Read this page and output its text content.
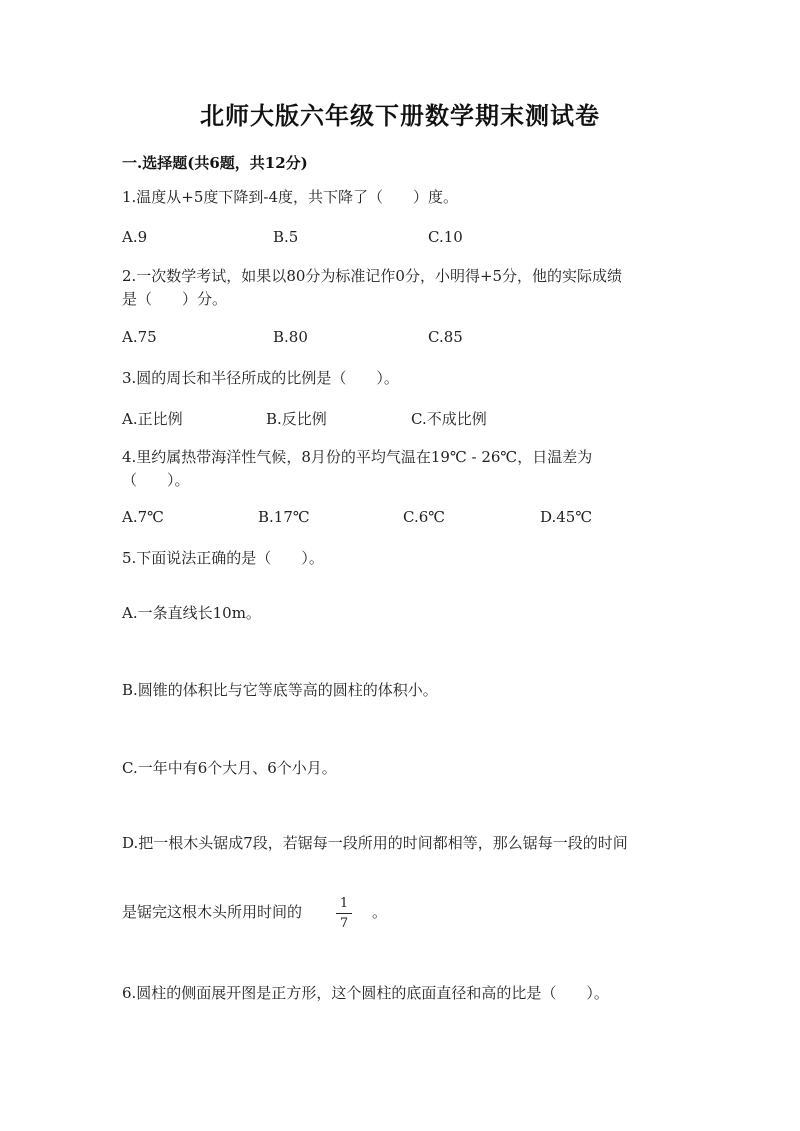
北师大版六年级下册数学期末测试卷
一.选择题(共6题，共12分)
1.温度从+5度下降到-4度，共下降了（　　）度。
A.9	B.5	C.10
2.一次数学考试，如果以80分为标准记作0分，小明得+5分，他的实际成绩
是（　　）分。
A.75	B.80	C.85
3.圆的周长和半径所成的比例是（　　）。
A.正比例	B.反比例	C.不成比例
4.里约属热带海洋性气候，8月份的平均气温在19℃ - 26℃，日温差为
（　　）。
A.7℃	B.17℃	C.6℃	D.45℃
5.下面说法正确的是（　　）。
A.一条直线长10m。
B.圆锥的体积比与它等底等高的圆柱的体积小。
C.一年中有6个大月、6个小月。
D.把一根木头锯成7段，若锯每一段所用的时间都相等，那么锯每一段的时间
是锯完这根木头所用时间的	1
7
。
6.圆柱的侧面展开图是正方形，这个圆柱的底面直径和高的比是（　　）。
